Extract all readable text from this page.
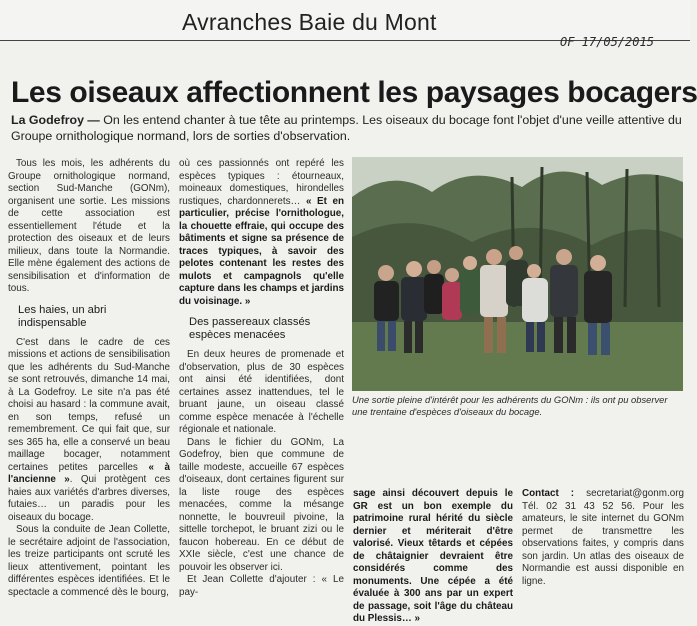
Avranches Baie du Mont
OF 17/05/2015
Les oiseaux affectionnent les paysages bocagers
La Godefroy — On les entend chanter à tue tête au printemps. Les oiseaux du bocage font l'objet d'une veille attentive du Groupe ornithologique normand, lors de sorties d'observation.

Tous les mois, les adhérents du Groupe ornithologique normand, section Sud-Manche (GONm), organisent une sortie. Les missions de cette association est essentiellement l'étude et la protection des oiseaux et de leurs milieux, dans toute la Normandie. Elle mène également des actions de sensibilisation et d'information de tous.

Les haies, un abri indispensable

C'est dans le cadre de ces missions et actions de sensibilisation que les adhérents du Sud-Manche se sont retrouvés, dimanche 14 mai, à La Godefroy. Le site n'a pas été choisi au hasard : la commune avait, en son temps, refusé un remembrement. Ce qui fait que, sur ses 365 ha, elle a conservé un beau maillage bocager, notamment certaines petites parcelles « à l'ancienne ». Qui protègent ces haies aux variétés d'arbres diverses, futaies… un paradis pour les oiseaux du bocage.

Sous la conduite de Jean Collette, le secrétaire adjoint de l'association, les treize participants ont scruté les lieux attentivement, pointant les différentes espèces identifiées. Et le spectacle a commencé dès le bourg,

où ces passionnés ont repéré les espèces typiques : étourneaux, moineaux domestiques, hirondelles rustiques, chardonnerets… « Et en particulier, précise l'ornithologue, la chouette effraie, qui occupe des bâtiments et signe sa présence de traces typiques, à savoir des pelotes contenant les restes des mulots et campagnols qu'elle capture dans les champs et jardins du voisinage. »

Des passereaux classés espèces menacées

En deux heures de promenade et d'observation, plus de 30 espèces ont ainsi été identifiées, dont certaines assez inattendues, tel le bruant jaune, un oiseau classé comme espèce menacée à l'échelle régionale et nationale.

Dans le fichier du GONm, La Godefroy, bien que commune de taille modeste, accueille 67 espèces d'oiseaux, dont certaines figurent sur la liste rouge des espèces menacées, comme la mésange nonnette, le bouvreuil pivoine, la sittelle torchepot, le bruant zizi ou le faucon hobereau. En ce début de XXIe siècle, c'est une chance de pouvoir les observer ici.

Et Jean Collette d'ajouter : « Le pay-

Une sortie pleine d'intérêt pour les adhérents du GONm : ils ont pu observer une trentaine d'espèces d'oiseaux du bocage.

sage ainsi découvert depuis le GR est un bon exemple du patrimoine rural hérité du siècle dernier et mériterait d'être valorisé. Vieux têtards et cépées de châtaignier devraient être considérés comme des monuments. Une cépée a été évaluée à 300 ans par un expert de passage, soit l'âge du château du Plessis… »

Contact : secretariat@gonm.org Tél. 02 31 43 52 56. Pour les amateurs, le site internet du GONm permet de transmettre les observations faites, y compris dans son jardin. Un atlas des oiseaux de Normandie est aussi disponible en ligne.
